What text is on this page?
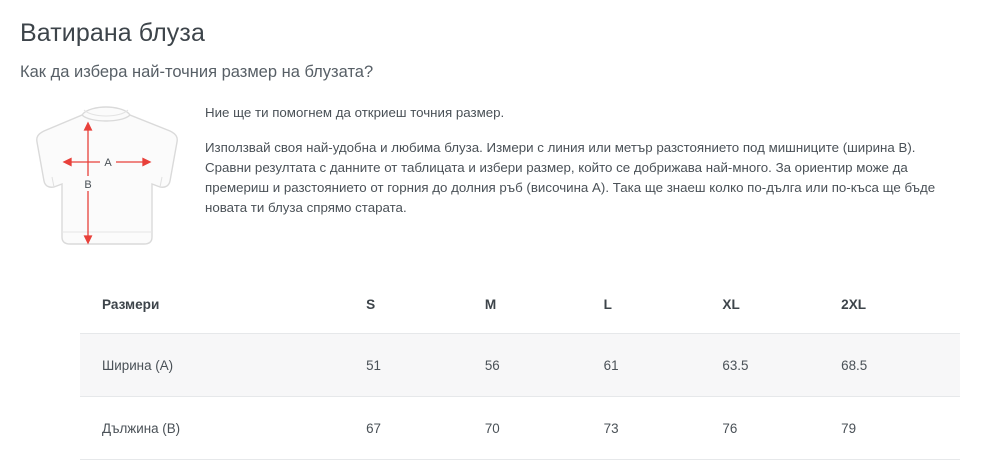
Ватирана блуза
Как да избера най-точния размер на блузата?
A
B

Ние ще ти помогнем да откриеш точния размер.

Използвай своя най-удобна и любима блуза. Измери с линия или метър разстоянието под мишниците (ширина B). Сравни резултата с данните от таблицата и избери размер, който се добрижава най-много. За ориентир може да премериш и разстоянието от горния до долния ръб (височина A). Така ще знаеш колко по-дълга или по-къса ще бъде новата ти блуза спрямо старата.

Размери	S	M	L	XL	2XL
Ширина (A)	51	56	61	63.5	68.5
Дължина (B)	67	70	73	76	79
